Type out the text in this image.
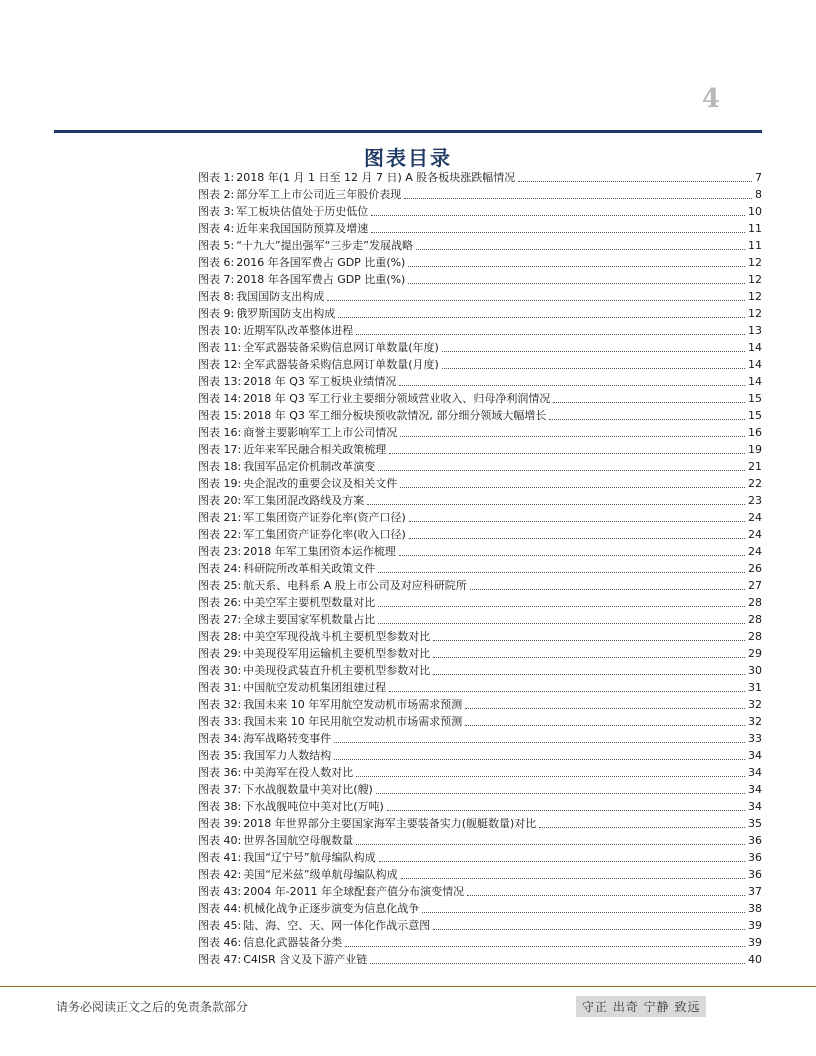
4
图表目录
图表 1: 2018 年(1 月 1 日至 12 月 7 日) A 股各板块涨跌幅情况	7
图表 2: 部分军工上市公司近三年股价表现	8
图表 3: 军工板块估值处于历史低位	10
图表 4: 近年来我国国防预算及增速	11
图表 5: “十九大”提出强军“三步走”发展战略	11
图表 6: 2016 年各国军费占 GDP 比重(%)	12
图表 7: 2018 年各国军费占 GDP 比重(%)	12
图表 8: 我国国防支出构成	12
图表 9: 俄罗斯国防支出构成	12
图表 10: 近期军队改革整体进程	13
图表 11: 全军武器装备采购信息网订单数量(年度)	14
图表 12: 全军武器装备采购信息网订单数量(月度)	14
图表 13: 2018 年 Q3 军工板块业绩情况	14
图表 14: 2018 年 Q3 军工行业主要细分领域营业收入、归母净利润情况	15
图表 15: 2018 年 Q3 军工细分板块预收款情况, 部分细分领域大幅增长	15
图表 16: 商誉主要影响军工上市公司情况	16
图表 17: 近年来军民融合相关政策梳理	19
图表 18: 我国军品定价机制改革演变	21
图表 19: 央企混改的重要会议及相关文件	22
图表 20: 军工集团混改路线及方案	23
图表 21: 军工集团资产证券化率(资产口径)	24
图表 22: 军工集团资产证券化率(收入口径)	24
图表 23: 2018 年军工集团资本运作梳理	24
图表 24: 科研院所改革相关政策文件	26
图表 25: 航天系、电科系 A 股上市公司及对应科研院所	27
图表 26: 中美空军主要机型数量对比	28
图表 27: 全球主要国家军机数量占比	28
图表 28: 中美空军现役战斗机主要机型参数对比	28
图表 29: 中美现役军用运输机主要机型参数对比	29
图表 30: 中美现役武装直升机主要机型参数对比	30
图表 31: 中国航空发动机集团组建过程	31
图表 32: 我国未来 10 年军用航空发动机市场需求预测	32
图表 33: 我国未来 10 年民用航空发动机市场需求预测	32
图表 34: 海军战略转变事件	33
图表 35: 我国军力人数结构	34
图表 36: 中美海军在役人数对比	34
图表 37: 下水战舰数量中美对比(艘)	34
图表 38: 下水战舰吨位中美对比(万吨)	34
图表 39: 2018 年世界部分主要国家海军主要装备实力(舰艇数量)对比	35
图表 40: 世界各国航空母舰数量	36
图表 41: 我国“辽宁号”航母编队构成	36
图表 42: 美国“尼米兹”级单航母编队构成	36
图表 43: 2004 年-2011 年全球配套产值分布演变情况	37
图表 44: 机械化战争正逐步演变为信息化战争	38
图表 45: 陆、海、空、天、网一体化作战示意图	39
图表 46: 信息化武器装备分类	39
图表 47: C4ISR 含义及下游产业链	40
请务必阅读正文之后的免责条款部分	守正 出奇 宁静 致远
